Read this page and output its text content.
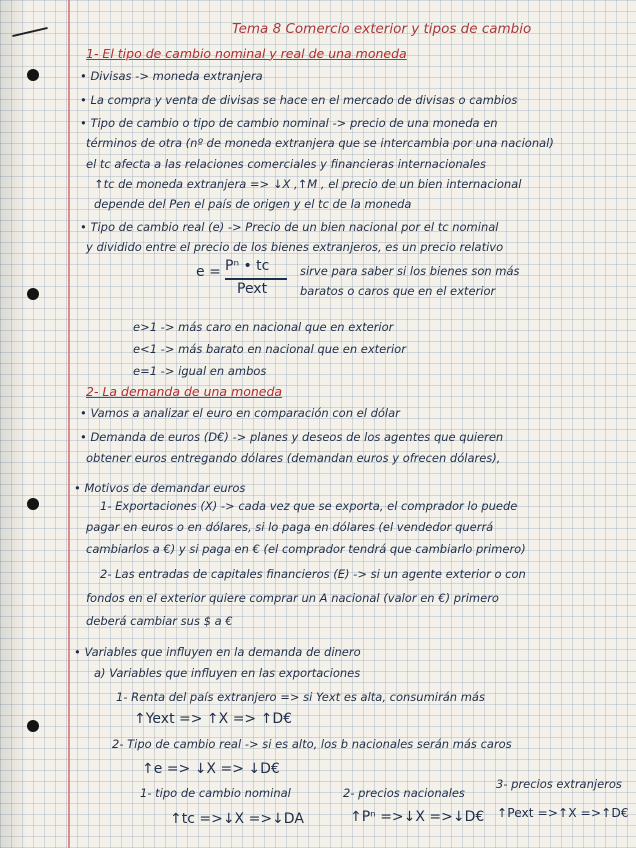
Tema 8 Comercio exterior y tipos de cambio
1- El tipo de cambio nominal y real de una moneda
• Divisas -> moneda extranjera
• La compra y venta de divisas se hace en el mercado de divisas o cambios
• Tipo de cambio o tipo de cambio nominal -> precio de una moneda en
términos de otra (nº de moneda extranjera que se intercambia por una nacional)
el tc afecta a las relaciones comerciales y financieras internacionales
↑tc de moneda extranjera => ↓X ,↑M , el precio de un bien internacional
depende del Pen el país de origen y el tc de la moneda
• Tipo de cambio real (e) -> Precio de un bien nacional por el tc nominal
y dividido entre el precio de los bienes extranjeros, es un precio relativo
e = Pⁿ • tc
Pext
sirve para saber si los bienes son más
baratos o caros que en el exterior
e>1 -> más caro en nacional que en exterior
e<1 -> más barato en nacional que en exterior
e=1 -> igual en ambos
2- La demanda de una moneda
• Vamos a analizar el euro en comparación con el dólar
• Demanda de euros (D€) -> planes y deseos de los agentes que quieren
obtener euros entregando dólares (demandan euros y ofrecen dólares),
• Motivos de demandar euros
1- Exportaciones (X) -> cada vez que se exporta, el comprador lo puede
pagar en euros o en dólares, si lo paga en dólares (el vendedor querrá
cambiarlos a €) y si paga en € (el comprador tendrá que cambiarlo primero)
2- Las entradas de capitales financieros (E) -> si un agente exterior o con
fondos en el exterior quiere comprar un A nacional (valor en €) primero
deberá cambiar sus $ a €
• Variables que influyen en la demanda de dinero
a) Variables que influyen en las exportaciones
1- Renta del país extranjero => si Yext es alta, consumirán más
↑Yext => ↑X => ↑D€
2- Tipo de cambio real -> si es alto, los b nacionales serán más caros
↑e => ↓X => ↓D€
1- tipo de cambio nominal	2- precios nacionales
3- precios extranjeros
↑tc =>↓X =>↓DA	↑Pⁿ =>↓X =>↓D€ ↑Pext =>↑X =>↑D€
